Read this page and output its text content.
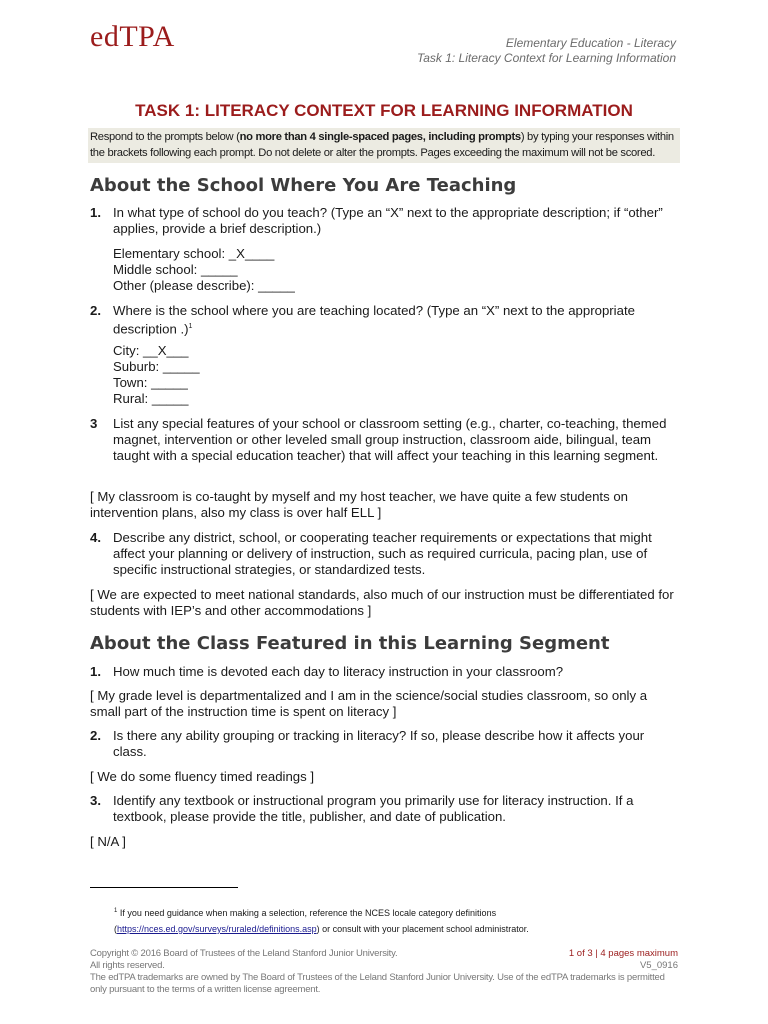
edTPA	Elementary Education - Literacy
Task 1: Literacy Context for Learning Information
TASK 1: LITERACY CONTEXT FOR LEARNING INFORMATION
Respond to the prompts below (no more than 4 single-spaced pages, including prompts) by typing your responses within the brackets following each prompt. Do not delete or alter the prompts. Pages exceeding the maximum will not be scored.
About the School Where You Are Teaching
1. In what type of school do you teach? (Type an “X” next to the appropriate description; if “other” applies, provide a brief description.)
Elementary school: _X____
Middle school: _____
Other (please describe): _____
2. Where is the school where you are teaching located? (Type an “X” next to the appropriate description .)$^1$
City: __X___
Suburb: _____
Town: _____
Rural: _____
3 List any special features of your school or classroom setting (e.g., charter, co-teaching, themed magnet, intervention or other leveled small group instruction, classroom aide, bilingual, team taught with a special education teacher) that will affect your teaching in this learning segment.
[ My classroom is co-taught by myself and my host teacher, we have quite a few students on intervention plans, also my class is over half ELL ]
4. Describe any district, school, or cooperating teacher requirements or expectations that might affect your planning or delivery of instruction, such as required curricula, pacing plan, use of specific instructional strategies, or standardized tests.
[ We are expected to meet national standards, also much of our instruction must be differentiated for students with IEP’s and other accommodations ]
About the Class Featured in this Learning Segment
1. How much time is devoted each day to literacy instruction in your classroom?
[ My grade level is departmentalized and I am in the science/social studies classroom, so only a small part of the instruction time is spent on literacy ]
2. Is there any ability grouping or tracking in literacy? If so, please describe how it affects your class.
[ We do some fluency timed readings ]
3. Identify any textbook or instructional program you primarily use for literacy instruction. If a textbook, please provide the title, publisher, and date of publication.
[ N/A ]
$^1$ If you need guidance when making a selection, reference the NCES locale category definitions
(https://nces.ed.gov/surveys/ruraled/definitions.asp) or consult with your placement school administrator.
Copyright © 2016 Board of Trustees of the Leland Stanford Junior University.
All rights reserved.
The edTPA trademarks are owned by The Board of Trustees of the Leland Stanford Junior University. Use of the edTPA trademarks is permitted only pursuant to the terms of a written license agreement.
1 of 3 | 4 pages maximum
V5_0916
